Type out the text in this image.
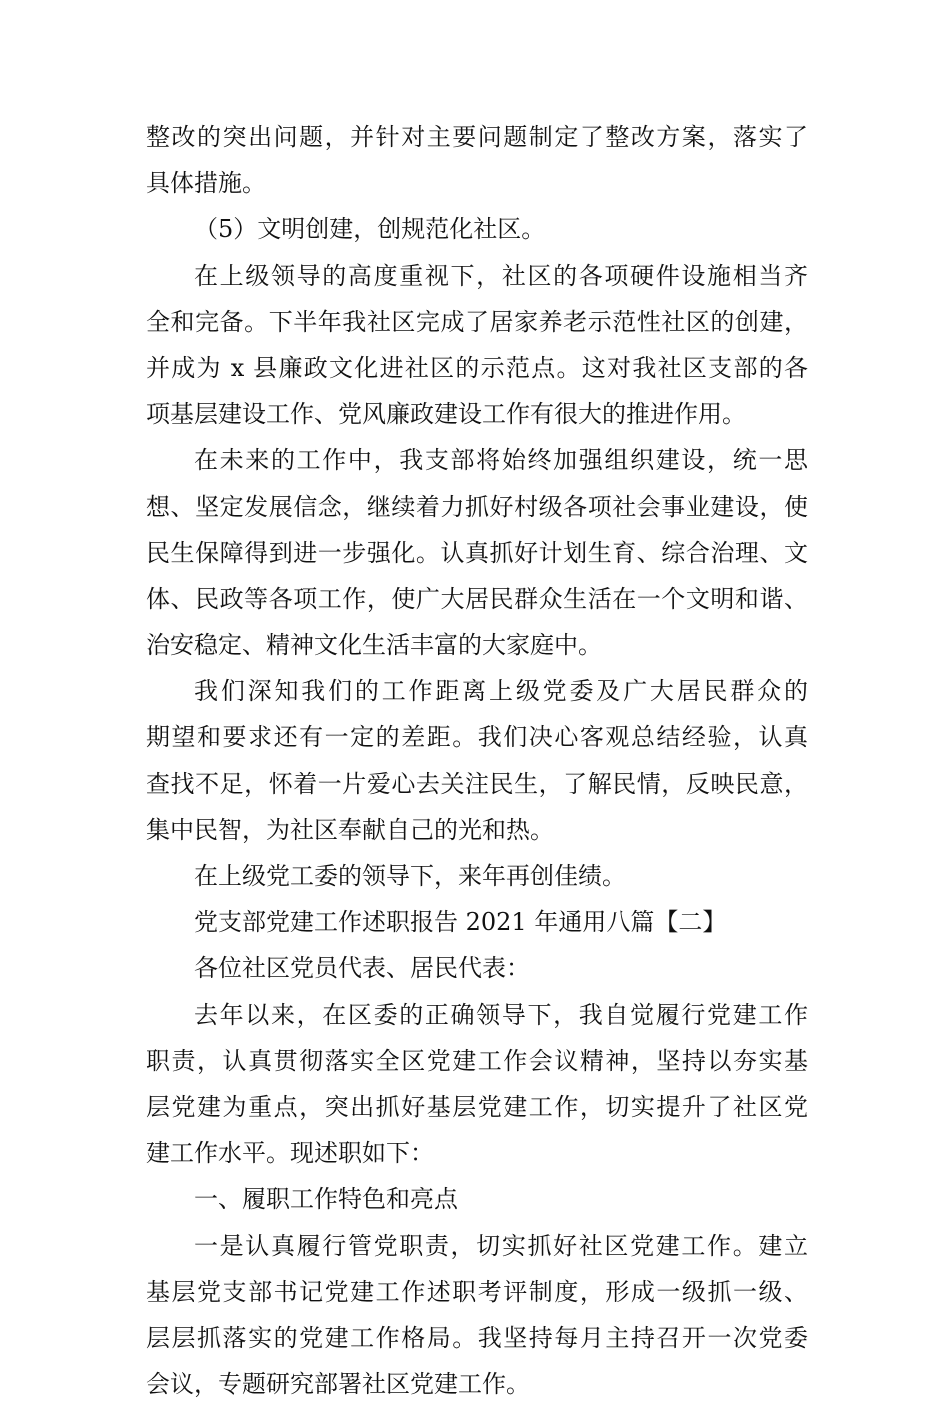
整改的突出问题，并针对主要问题制定了整改方案，落实了
具体措施。
（5）文明创建，创规范化社区。
在上级领导的高度重视下，社区的各项硬件设施相当齐
全和完备。下半年我社区完成了居家养老示范性社区的创建，
并成为 x 县廉政文化进社区的示范点。这对我社区支部的各
项基层建设工作、党风廉政建设工作有很大的推进作用。
在未来的工作中，我支部将始终加强组织建设，统一思
想、坚定发展信念，继续着力抓好村级各项社会事业建设，使
民生保障得到进一步强化。认真抓好计划生育、综合治理、文
体、民政等各项工作，使广大居民群众生活在一个文明和谐、
治安稳定、精神文化生活丰富的大家庭中。
我们深知我们的工作距离上级党委及广大居民群众的
期望和要求还有一定的差距。我们决心客观总结经验，认真
查找不足，怀着一片爱心去关注民生，了解民情，反映民意，
集中民智，为社区奉献自己的光和热。
在上级党工委的领导下，来年再创佳绩。
党支部党建工作述职报告 2021 年通用八篇【二】
各位社区党员代表、居民代表：
去年以来，在区委的正确领导下，我自觉履行党建工作
职责，认真贯彻落实全区党建工作会议精神，坚持以夯实基
层党建为重点，突出抓好基层党建工作，切实提升了社区党
建工作水平。现述职如下：
一、履职工作特色和亮点
一是认真履行管党职责，切实抓好社区党建工作。建立
基层党支部书记党建工作述职考评制度，形成一级抓一级、
层层抓落实的党建工作格局。我坚持每月主持召开一次党委
会议，专题研究部署社区党建工作。
